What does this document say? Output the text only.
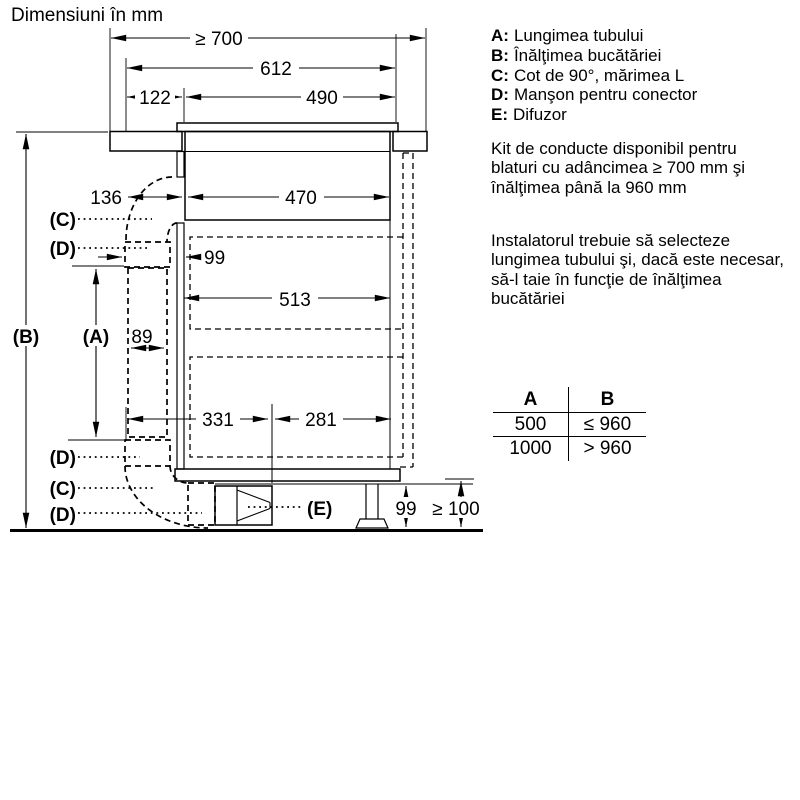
Dimensiuni în mm
≥ 700
612
122	490
136	470
99
513
89
331	281
99 ≥ 100
(B) (A)
(C)
(D)
(D)
(C)
(D)	(E)
A: Lungimea tubului
B: Înălţimea bucătăriei
C: Cot de 90°, mărimea L
D: Manşon pentru conector
E: Difuzor
Kit de conducte disponibil pentru blaturi cu adâncimea ≥ 700 mm şi înălţimea până la 960 mm
Instalatorul trebuie să selecteze lungimea tubului şi, dacă este necesar, să-l taie în funcţie de înălţimea bucătăriei
A	B
500	≤ 960
1000	> 960
